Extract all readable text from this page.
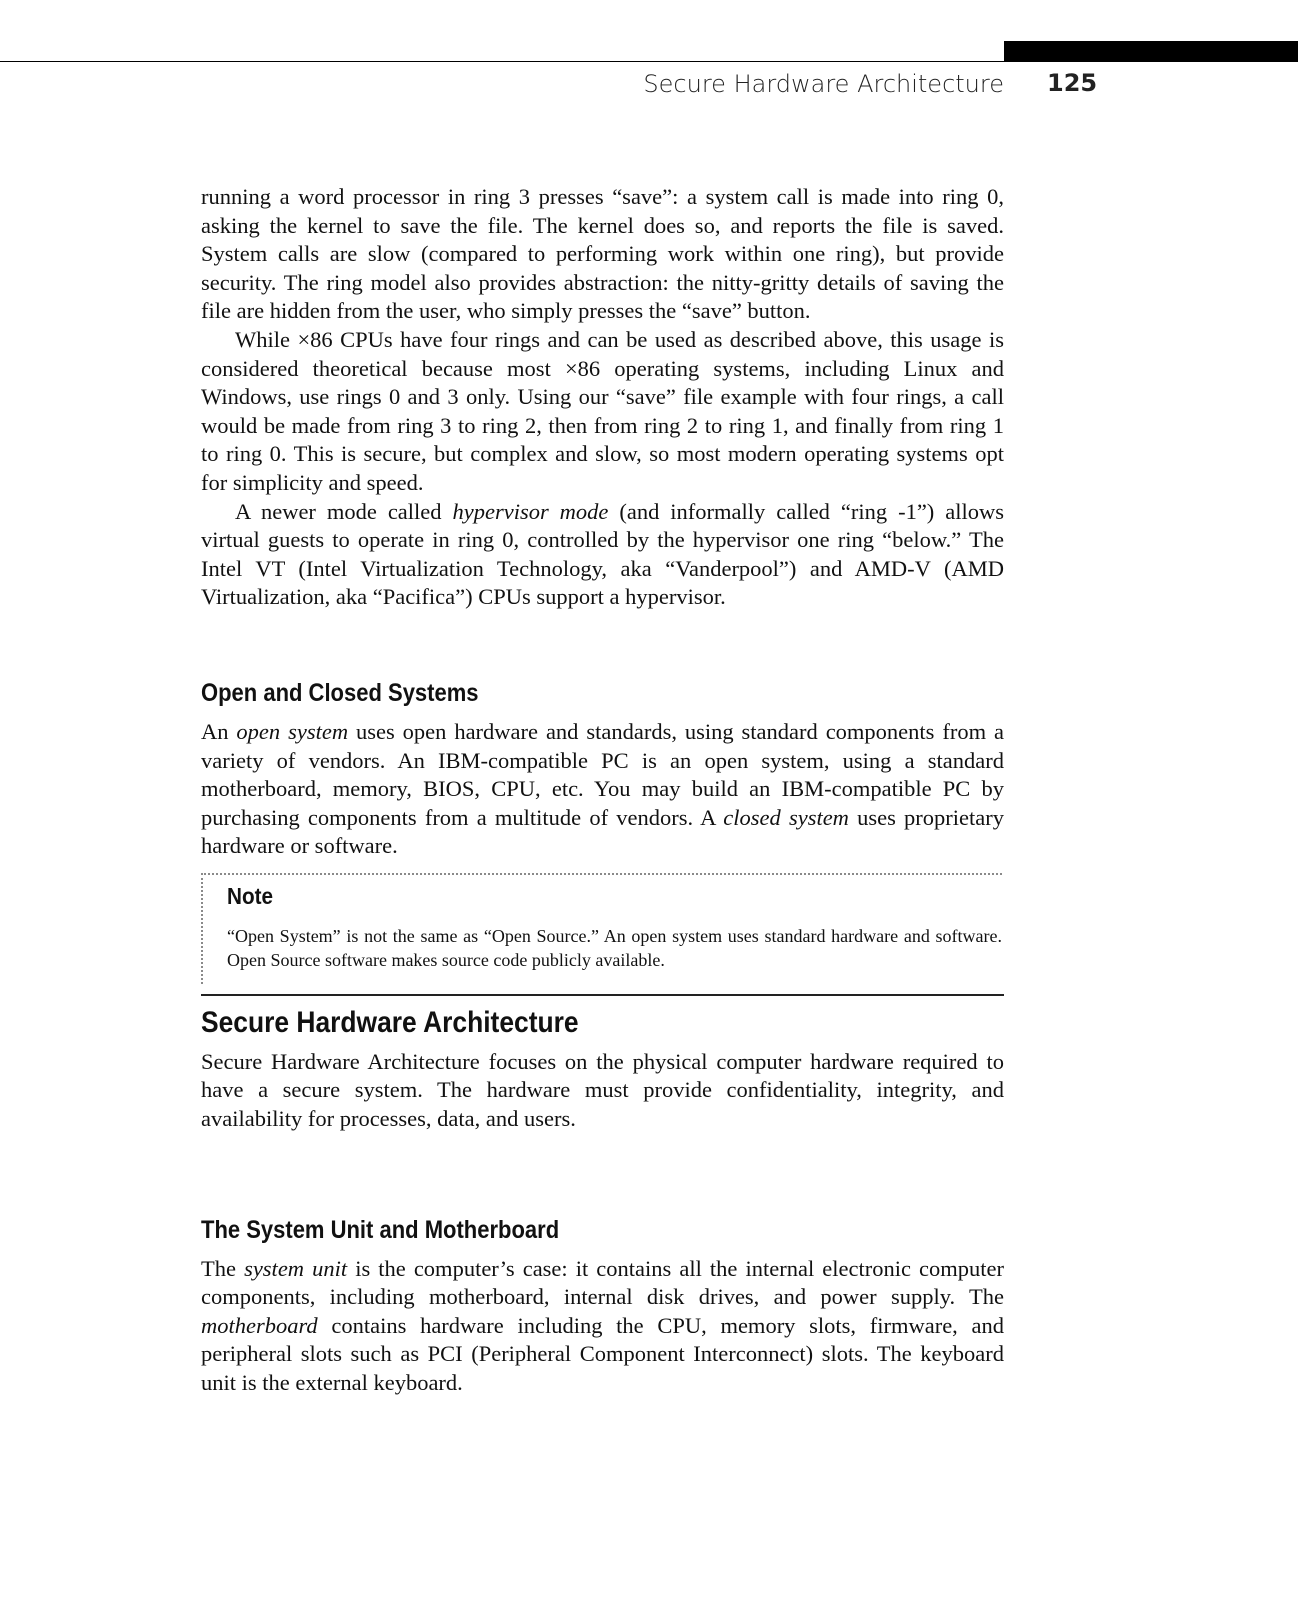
Secure Hardware Architecture 125

running a word processor in ring 3 presses “save”: a system call is made into ring 0, asking the kernel to save the file. The kernel does so, and reports the file is saved. System calls are slow (compared to performing work within one ring), but provide security. The ring model also provides abstraction: the nitty-gritty details of saving the file are hidden from the user, who simply presses the “save” button.

While ×86 CPUs have four rings and can be used as described above, this usage is considered theoretical because most ×86 operating systems, including Linux and Windows, use rings 0 and 3 only. Using our “save” file example with four rings, a call would be made from ring 3 to ring 2, then from ring 2 to ring 1, and finally from ring 1 to ring 0. This is secure, but complex and slow, so most modern operating systems opt for simplicity and speed.

A newer mode called hypervisor mode (and informally called “ring -1”) allows virtual guests to operate in ring 0, controlled by the hypervisor one ring “below.” The Intel VT (Intel Virtualization Technology, aka “Vanderpool”) and AMD-V (AMD Virtualization, aka “Pacifica”) CPUs support a hypervisor.

Open and Closed Systems

An open system uses open hardware and standards, using standard components from a variety of vendors. An IBM-compatible PC is an open system, using a standard motherboard, memory, BIOS, CPU, etc. You may build an IBM-compatible PC by purchasing components from a multitude of vendors. A closed system uses proprietary hardware or software.

Note
“Open System” is not the same as “Open Source.” An open system uses standard hardware and software. Open Source software makes source code publicly available.
Secure Hardware Architecture

Secure Hardware Architecture focuses on the physical computer hardware required to have a secure system. The hardware must provide confidentiality, integrity, and availability for processes, data, and users.

The System Unit and Motherboard

The system unit is the computer’s case: it contains all the internal electronic computer components, including motherboard, internal disk drives, and power supply. The motherboard contains hardware including the CPU, memory slots, firmware, and peripheral slots such as PCI (Peripheral Component Interconnect) slots. The keyboard unit is the external keyboard.
